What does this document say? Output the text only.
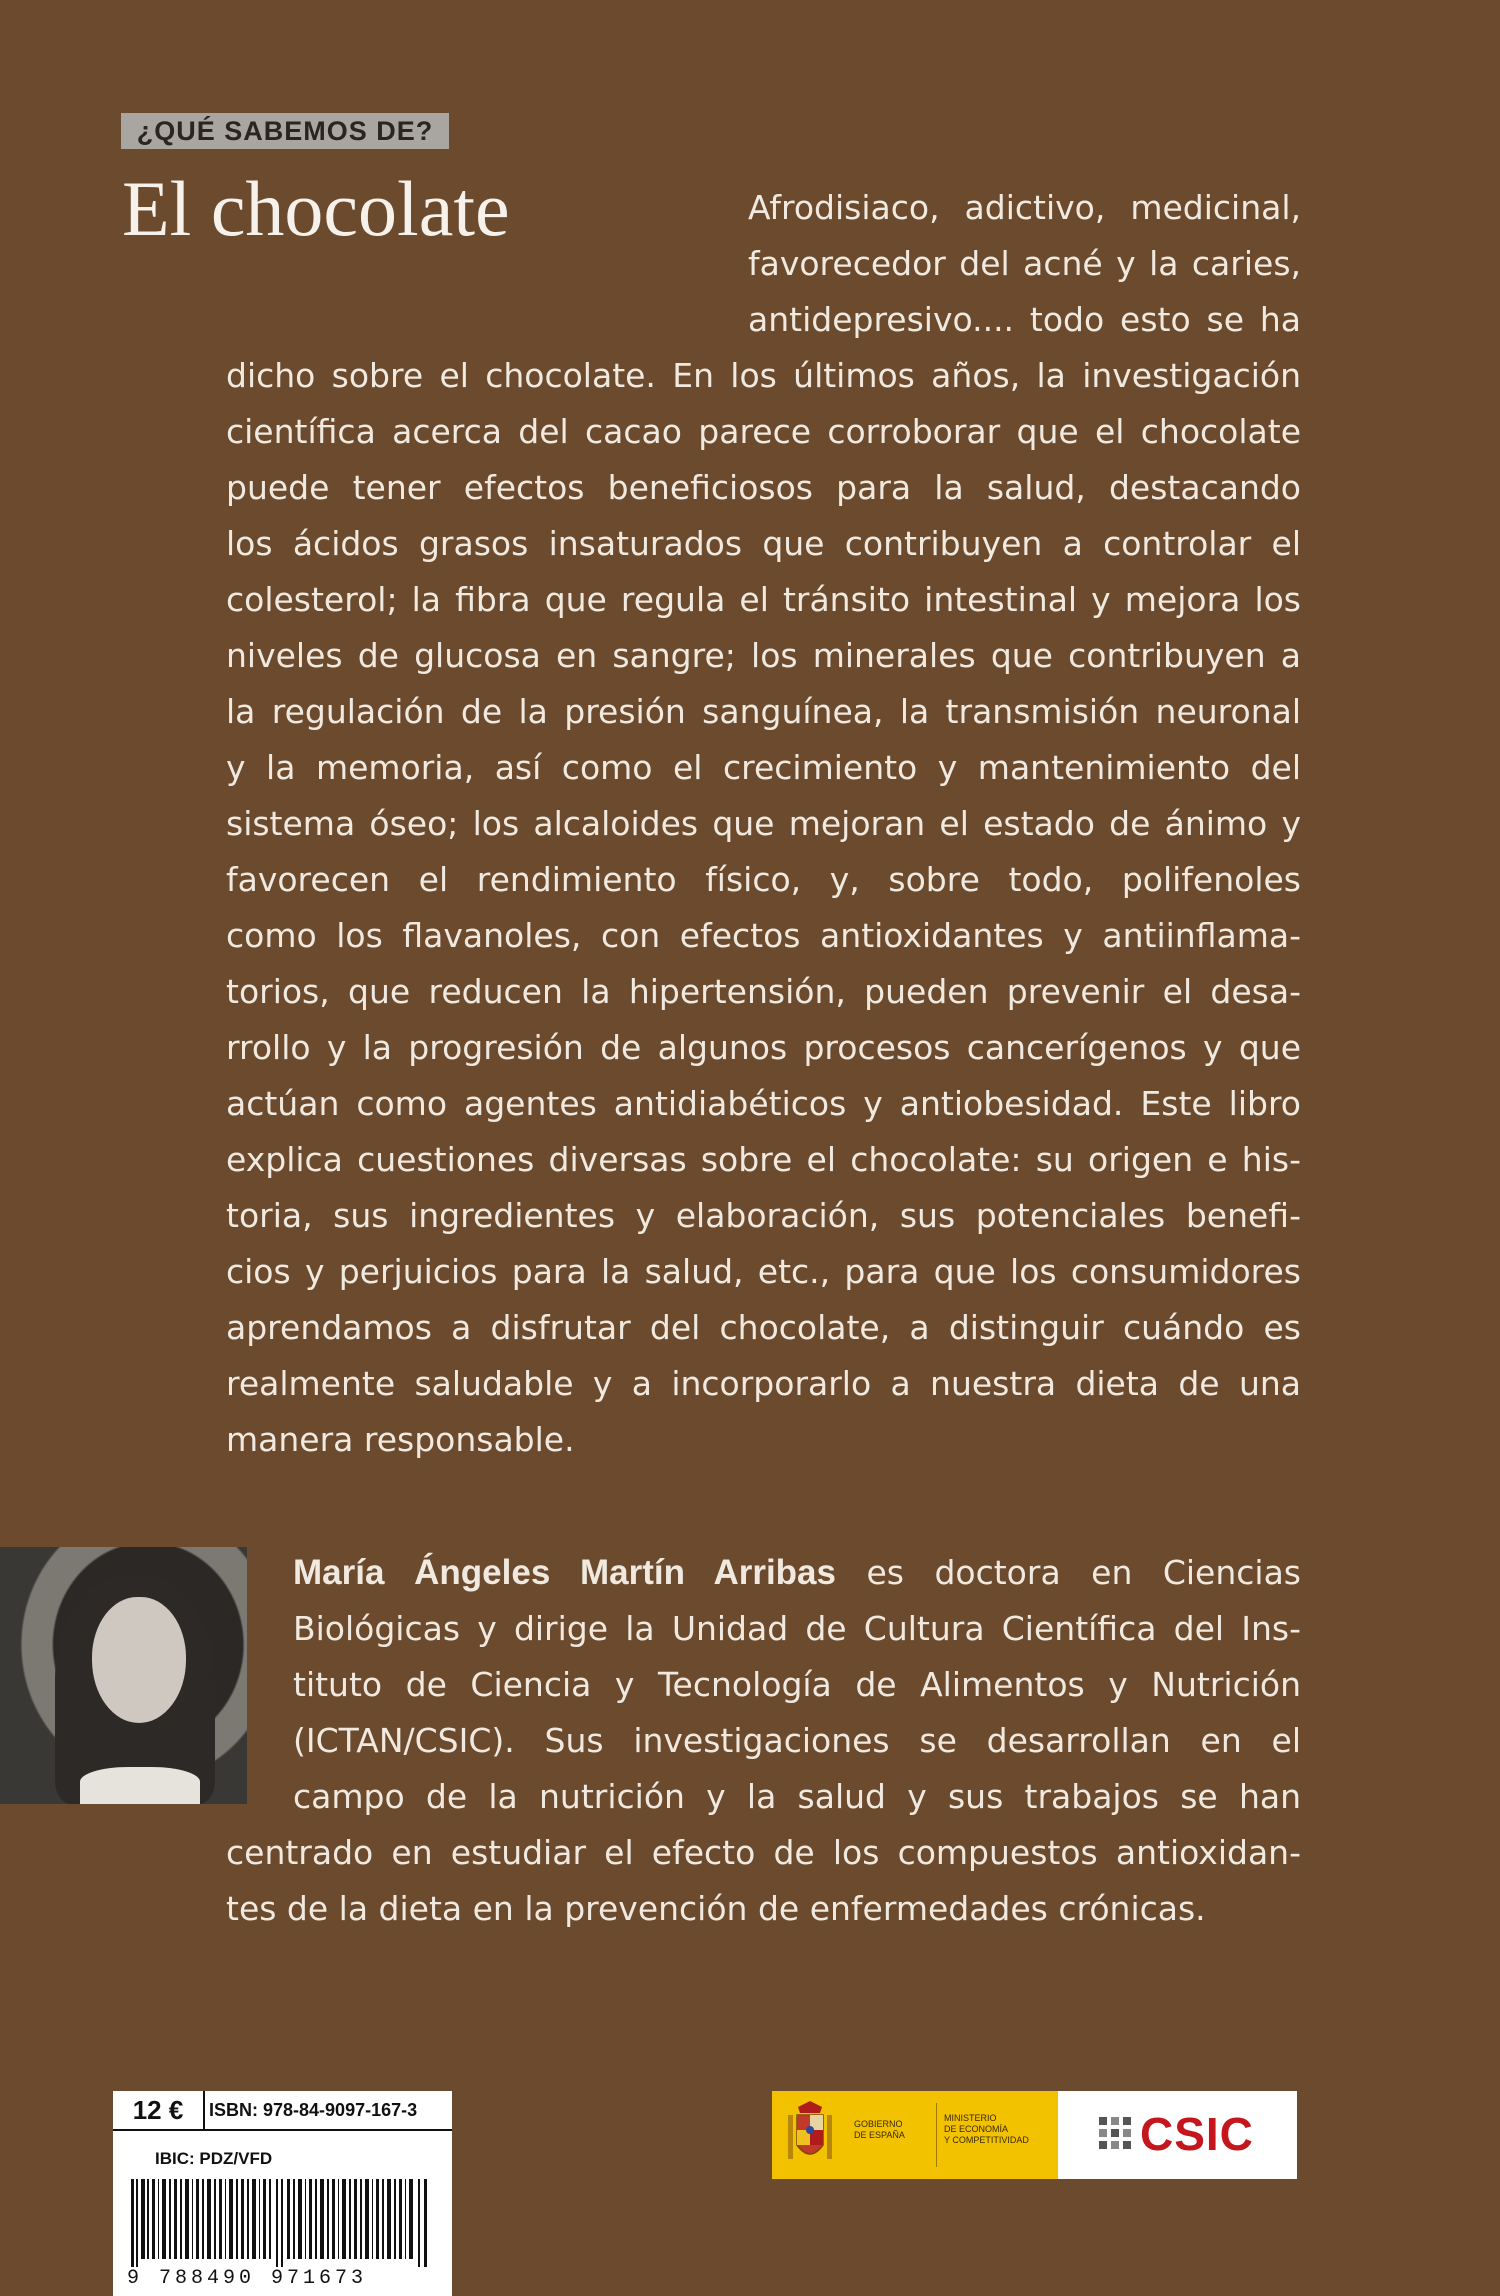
¿QUÉ SABEMOS DE?
El chocolate	Afrodisiaco, adictivo, medicinal,
favorecedor del acné y la caries,
antidepresivo.... todo esto se ha
dicho sobre el chocolate. En los últimos años, la investigación
científica acerca del cacao parece corroborar que el chocolate
puede tener efectos beneficiosos para la salud, destacando
los ácidos grasos insaturados que contribuyen a controlar el
colesterol; la fibra que regula el tránsito intestinal y mejora los
niveles de glucosa en sangre; los minerales que contribuyen a
la regulación de la presión sanguínea, la transmisión neuronal
y la memoria, así como el crecimiento y mantenimiento del
sistema óseo; los alcaloides que mejoran el estado de ánimo y
favorecen el rendimiento físico, y, sobre todo, polifenoles
como los flavanoles, con efectos antioxidantes y antiinflama-
torios, que reducen la hipertensión, pueden prevenir el desa-
rrollo y la progresión de algunos procesos cancerígenos y que
actúan como agentes antidiabéticos y antiobesidad. Este libro
explica cuestiones diversas sobre el chocolate: su origen e his-
toria, sus ingredientes y elaboración, sus potenciales benefi-
cios y perjuicios para la salud, etc., para que los consumidores
aprendamos a disfrutar del chocolate, a distinguir cuándo es
realmente saludable y a incorporarlo a nuestra dieta de una
manera responsable.
María Ángeles Martín Arribas es doctora en Ciencias
Biológicas y dirige la Unidad de Cultura Científica del Ins-
tituto de Ciencia y Tecnología de Alimentos y Nutrición
(ICTAN/CSIC). Sus investigaciones se desarrollan en el
campo de la nutrición y la salud y sus trabajos se han
centrado en estudiar el efecto de los compuestos antioxidan-
tes de la dieta en la prevención de enfermedades crónicas.
12 €	ISBN: 978-84-9097-167-3
IBIC: PDZ/VFD
9 788490 971673
GOBIERNO
DE ESPAÑA
MINISTERIO
DE ECONOMÍA
Y COMPETITIVIDAD	CSIC
